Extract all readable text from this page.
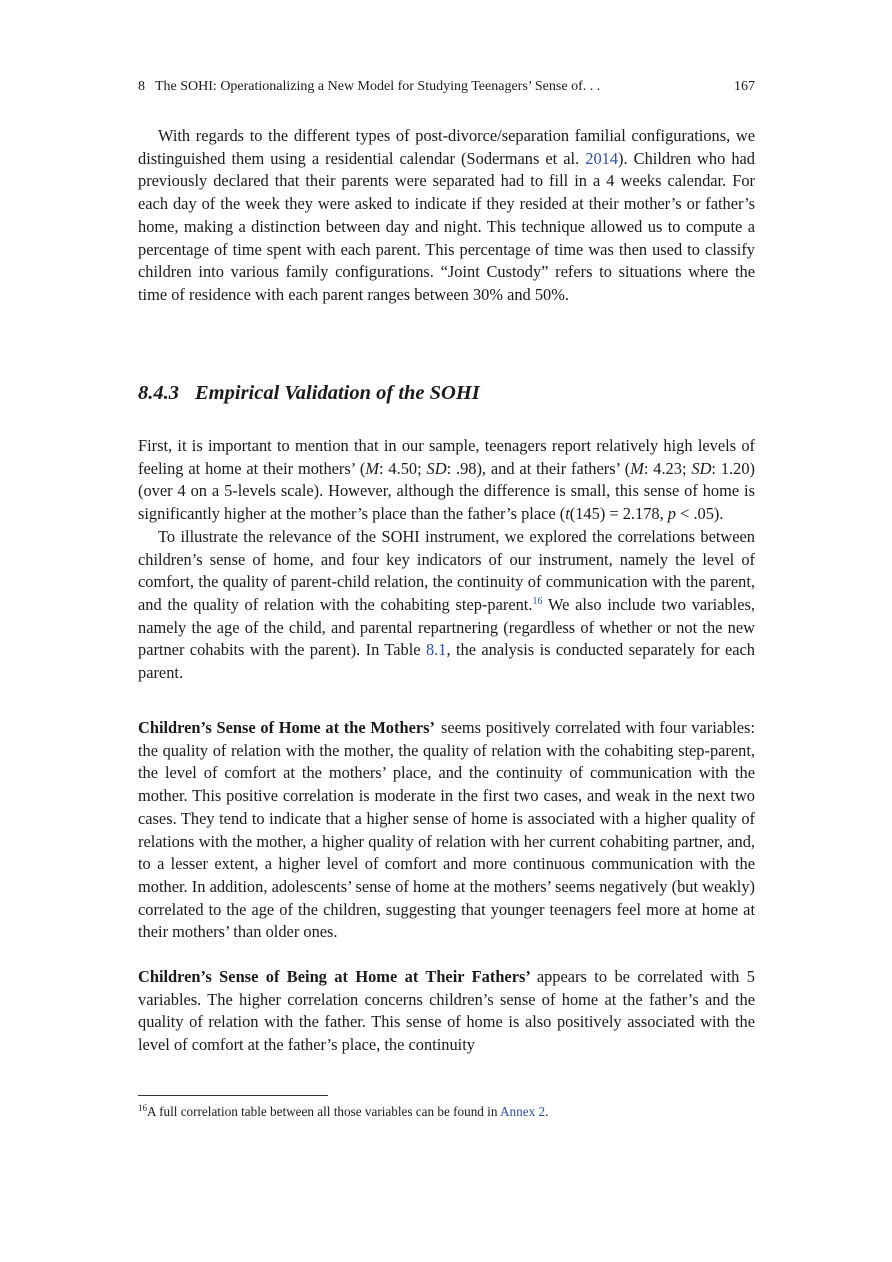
8 The SOHI: Operationalizing a New Model for Studying Teenagers’ Sense of. . .	167

With regards to the different types of post-divorce/separation familial configurations, we distinguished them using a residential calendar (Sodermans et al. 2014). Children who had previously declared that their parents were separated had to fill in a 4 weeks calendar. For each day of the week they were asked to indicate if they resided at their mother’s or father’s home, making a distinction between day and night. This technique allowed us to compute a percentage of time spent with each parent. This percentage of time was then used to classify children into various family configurations. “Joint Custody” refers to situations where the time of residence with each parent ranges between 30% and 50%.

8.4.3 Empirical Validation of the SOHI

First, it is important to mention that in our sample, teenagers report relatively high levels of feeling at home at their mothers’ (M: 4.50; SD: .98), and at their fathers’ (M: 4.23; SD: 1.20) (over 4 on a 5-levels scale). However, although the difference is small, this sense of home is significantly higher at the mother’s place than the father’s place (t(145) = 2.178, p < .05).

To illustrate the relevance of the SOHI instrument, we explored the correlations between children’s sense of home, and four key indicators of our instrument, namely the level of comfort, the quality of parent-child relation, the continuity of communication with the parent, and the quality of relation with the cohabiting step-parent.$^{16}$ We also include two variables, namely the age of the child, and parental repartnering (regardless of whether or not the new partner cohabits with the parent). In Table 8.1, the analysis is conducted separately for each parent.

Children’s Sense of Home at the Mothers’ seems positively correlated with four variables: the quality of relation with the mother, the quality of relation with the cohabiting step-parent, the level of comfort at the mothers’ place, and the continuity of communication with the mother. This positive correlation is moderate in the first two cases, and weak in the next two cases. They tend to indicate that a higher sense of home is associated with a higher quality of relations with the mother, a higher quality of relation with her current cohabiting partner, and, to a lesser extent, a higher level of comfort and more continuous communication with the mother. In addition, adolescents’ sense of home at the mothers’ seems negatively (but weakly) correlated to the age of the children, suggesting that younger teenagers feel more at home at their mothers’ than older ones.

Children’s Sense of Being at Home at Their Fathers’ appears to be correlated with 5 variables. The higher correlation concerns children’s sense of home at the father’s and the quality of relation with the father. This sense of home is also positively associated with the level of comfort at the father’s place, the continuity

$^{16}$A full correlation table between all those variables can be found in Annex 2.
